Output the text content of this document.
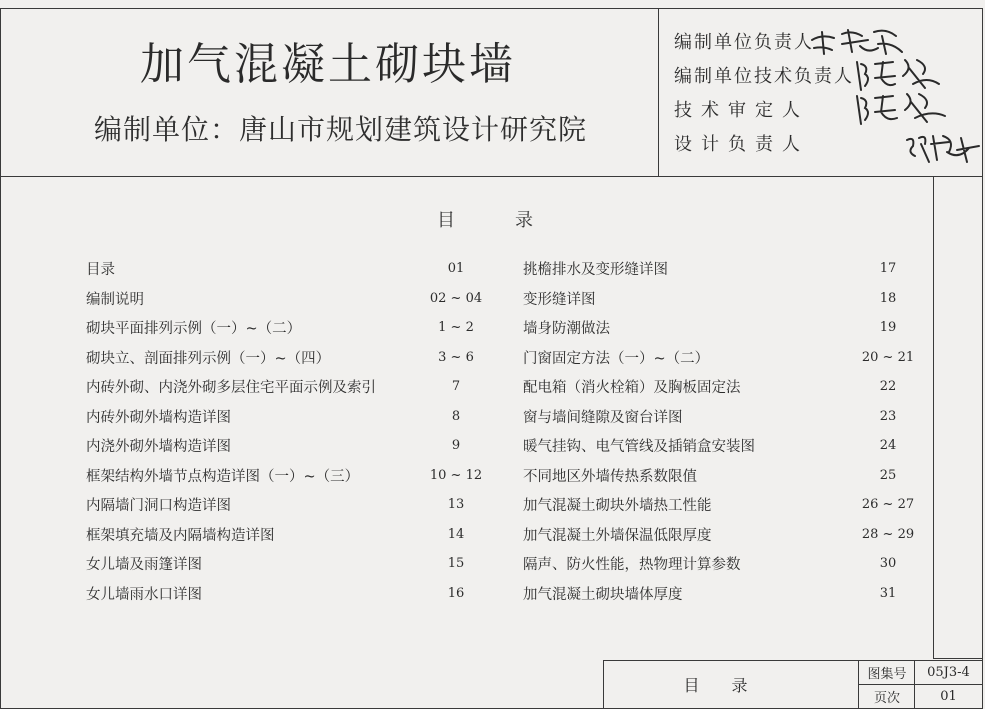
加气混凝土砌块墙
编制单位：唐山市规划建筑设计研究院
编制单位负责人
编制单位技术负责人
技术审定人
设计负责人
目	录
目录	01
编制说明	02 ~ 04
砌块平面排列示例（一）~（二）	1 ~ 2
砌块立、剖面排列示例（一）~（四）	3 ~ 6
内砖外砌、内浇外砌多层住宅平面示例及索引	7
内砖外砌外墙构造详图	8
内浇外砌外墙构造详图	9
框架结构外墙节点构造详图（一）~（三）	10 ~ 12
内隔墙门洞口构造详图	13
框架填充墙及内隔墙构造详图	14
女儿墙及雨篷详图	15
女儿墙雨水口详图	16
挑檐排水及变形缝详图	17
变形缝详图	18
墙身防潮做法	19
门窗固定方法（一）~（二）	20 ~ 21
配电箱（消火栓箱）及胸板固定法	22
窗与墙间缝隙及窗台详图	23
暖气挂钩、电气管线及插销盒安装图	24
不同地区外墙传热系数限值	25
加气混凝土砌块外墙热工性能	26 ~ 27
加气混凝土外墙保温低限厚度	28 ~ 29
隔声、防火性能，热物理计算参数	30
加气混凝土砌块墙体厚度	31
目录
图集号	05J3-4
页次	01
